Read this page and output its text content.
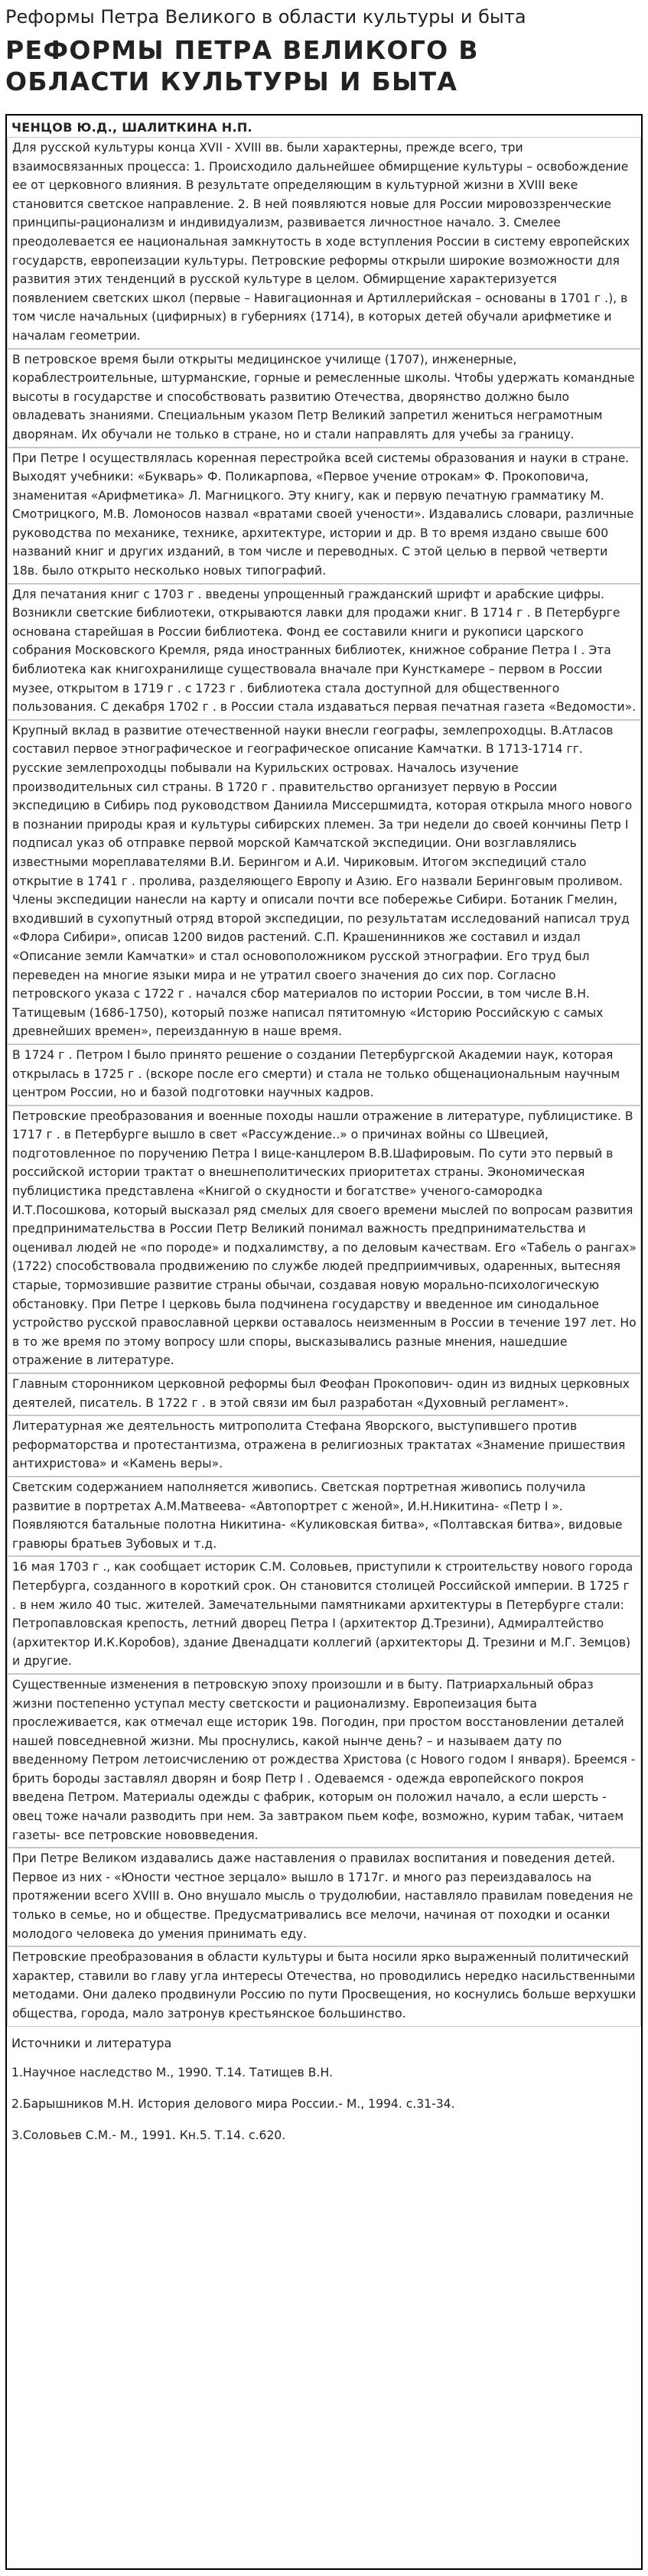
Реформы Петра Великого в области культуры и быта
РЕФОРМЫ ПЕТРА ВЕЛИКОГО В ОБЛАСТИ КУЛЬТУРЫ И БЫТА
ЧЕНЦОВ Ю.Д., ШАЛИТКИНА Н.П.

Для русской культуры конца XVII - XVIII вв. были характерны, прежде всего, три взаимосвязанных процесса: 1. Происходило дальнейшее обмирщение культуры – освобождение ее от церковного влияния. В результате определяющим в культурной жизни в XVIII веке становится светское направление. 2. В ней появляются новые для России мировоззренческие принципы-рационализм и индивидуализм, развивается личностное начало. 3. Смелее преодолевается ее национальная замкнутость в ходе вступления России в систему европейских государств, европеизации культуры. Петровские реформы открыли широкие возможности для развития этих тенденций в русской культуре в целом. Обмирщение характеризуется появлением светских школ (первые – Навигационная и Артиллерийская – основаны в 1701 г .), в том числе начальных (цифирных) в губерниях (1714), в которых детей обучали арифметике и началам геометрии.

В петровское время были открыты медицинское училище (1707), инженерные, кораблестроительные, штурманские, горные и ремесленные школы. Чтобы удержать командные высоты в государстве и способствовать развитию Отечества, дворянство должно было овладевать знаниями. Специальным указом Петр Великий запретил жениться неграмотным дворянам. Их обучали не только в стране, но и стали направлять для учебы за границу.

При Петре I осуществлялась коренная перестройка всей системы образования и науки в стране. Выходят учебники: «Букварь» Ф. Поликарпова, «Первое учение отрокам» Ф. Прокоповича, знаменитая «Арифметика» Л. Магницкого. Эту книгу, как и первую печатную грамматику М. Смотрицкого, М.В. Ломоносов назвал «вратами своей учености». Издавались словари, различные руководства по механике, технике, архитектуре, истории и др. В то время издано свыше 600 названий книг и других изданий, в том числе и переводных. С этой целью в первой четверти 18в. было открыто несколько новых типографий.

Для печатания книг с 1703 г . введены упрощенный гражданский шрифт и арабские цифры. Возникли светские библиотеки, открываются лавки для продажи книг. В 1714 г . В Петербурге основана старейшая в России библиотека. Фонд ее составили книги и рукописи царского собрания Московского Кремля, ряда иностранных библиотек, книжное собрание Петра I . Эта библиотека как книгохранилище существовала вначале при Кунсткамере – первом в России музее, открытом в 1719 г . с 1723 г . библиотека стала доступной для общественного пользования. С декабря 1702 г . в России стала издаваться первая печатная газета «Ведомости».

Крупный вклад в развитие отечественной науки внесли географы, землепроходцы. В.Атласов составил первое этнографическое и географическое описание Камчатки. В 1713-1714 гг. русские землепроходцы побывали на Курильских островах. Началось изучение производительных сил страны. В 1720 г . правительство организует первую в России экспедицию в Сибирь под руководством Даниила Миссершмидта, которая открыла много нового в познании природы края и культуры сибирских племен. За три недели до своей кончины Петр I подписал указ об отправке первой морской Камчатской экспедиции. Они возглавлялись известными мореплавателями В.И. Берингом и А.И. Чириковым. Итогом экспедиций стало открытие в 1741 г . пролива, разделяющего Европу и Азию. Его назвали Беринговым проливом. Члены экспедиции нанесли на карту и описали почти все побережье Сибири. Ботаник Гмелин, входивший в сухопутный отряд второй экспедиции, по результатам исследований написал труд «Флора Сибири», описав 1200 видов растений. С.П. Крашенинников же составил и издал «Описание земли Камчатки» и стал основоположником русской этнографии. Его труд был переведен на многие языки мира и не утратил своего значения до сих пор. Согласно петровского указа с 1722 г . начался сбор материалов по истории России, в том числе В.Н. Татищевым (1686-1750), который позже написал пятитомную «Историю Российскую с самых древнейших времен», переизданную в наше время.

В 1724 г . Петром I было принято решение о создании Петербургской Академии наук, которая открылась в 1725 г . (вскоре после его смерти) и стала не только общенациональным научным центром России, но и базой подготовки научных кадров.

Петровские преобразования и военные походы нашли отражение в литературе, публицистике. В 1717 г . в Петербурге вышло в свет «Рассуждение..» о причинах войны со Швецией, подготовленное по поручению Петра I вице-канцлером В.В.Шафировым. По сути это первый в российской истории трактат о внешнеполитических приоритетах страны. Экономическая публицистика представлена «Книгой о скудности и богатстве» ученого-самородка И.Т.Посошкова, который высказал ряд смелых для своего времени мыслей по вопросам развития предпринимательства в России Петр Великий понимал важность предпринимательства и оценивал людей не «по породе» и подхалимству, а по деловым качествам. Его «Табель о рангах» (1722) способствовала продвижению по службе людей предприимчивых, одаренных, вытесняя старые, тормозившие развитие страны обычаи, создавая новую морально-психологическую обстановку. При Петре I церковь была подчинена государству и введенное им синодальное устройство русской православной церкви оставалось неизменным в России в течение 197 лет. Но в то же время по этому вопросу шли споры, высказывались разные мнения, нашедшие отражение в литературе.

Главным сторонником церковной реформы был Феофан Прокопович- один из видных церковных деятелей, писатель. В 1722 г . в этой связи им был разработан «Духовный регламент».

Литературная же деятельность митрополита Стефана Яворского, выступившего против реформаторства и протестантизма, отражена в религиозных трактатах «Знамение пришествия антихристова» и «Камень веры».

Светским содержанием наполняется живопись. Светская портретная живопись получила развитие в портретах А.М.Матвеева- «Автопортрет с женой», И.Н.Никитина- «Петр I ». Появляются батальные полотна Никитина- «Куликовская битва», «Полтавская битва», видовые гравюры братьев Зубовых и т.д.

16 мая 1703 г ., как сообщает историк С.М. Соловьев, приступили к строительству нового города Петербурга, созданного в короткий срок. Он становится столицей Российской империи. В 1725 г . в нем жило 40 тыс. жителей. Замечательными памятниками архитектуры в Петербурге стали: Петропавловская крепость, летний дворец Петра I (архитектор Д.Трезини), Адмиралтейство (архитектор И.К.Коробов), здание Двенадцати коллегий (архитекторы Д. Трезини и М.Г. Земцов) и другие.

Существенные изменения в петровскую эпоху произошли и в быту. Патриархальный образ жизни постепенно уступал месту светскости и рационализму. Европеизация быта прослеживается, как отмечал еще историк 19в. Погодин, при простом восстановлении деталей нашей повседневной жизни. Мы проснулись, какой нынче день? – и называем дату по введенному Петром летоисчислению от рождества Христова (с Нового годом I января). Бреемся - брить бороды заставлял дворян и бояр Петр I . Одеваемся - одежда европейского покроя введена Петром. Материалы одежды с фабрик, которым он положил начало, а если шерсть - овец тоже начали разводить при нем. За завтраком пьем кофе, возможно, курим табак, читаем газеты- все петровские нововведения.

При Петре Великом издавались даже наставления о правилах воспитания и поведения детей. Первое из них - «Юности честное зерцало» вышло в 1717г. и много раз переиздавалось на протяжении всего XVIII в. Оно внушало мысль о трудолюбии, наставляло правилам поведения не только в семье, но и обществе. Предусматривались все мелочи, начиная от походки и осанки молодого человека до умения принимать еду.

Петровские преобразования в области культуры и быта носили ярко выраженный политический характер, ставили во главу угла интересы Отечества, но проводились нередко насильственными методами. Они далеко продвинули Россию по пути Просвещения, но коснулись больше верхушки общества, города, мало затронув крестьянское большинство.

Источники и литература
1.Научное наследство М., 1990. Т.14. Татищев В.Н.
2.Барышников М.Н. История делового мира России.- М., 1994. с.31-34.
3.Соловьев С.М.- М., 1991. Кн.5. Т.14. с.620.
